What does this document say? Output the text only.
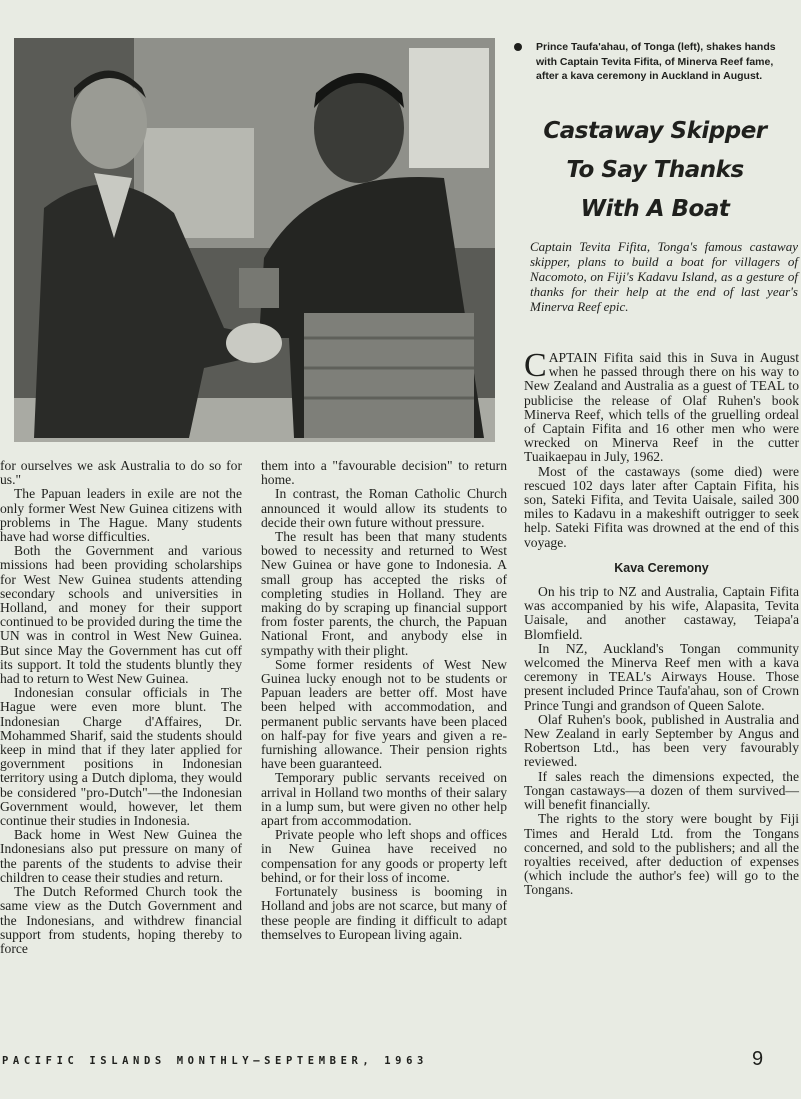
Prince Taufa'ahau, of Tonga (left), shakes hands with Captain Tevita Fifita, of Minerva Reef fame, after a kava ceremony in Auckland in August.
Castaway Skipper
To Say Thanks
With A Boat
Captain Tevita Fifita, Tonga's famous castaway skipper, plans to build a boat for villagers of Nacomoto, on Fiji's Kadavu Island, as a gesture of thanks for their help at the end of last year's Minerva Reef epic.

for ourselves we ask Australia to do so for us."

The Papuan leaders in exile are not the only former West New Guinea citizens with problems in The Hague. Many students have had worse difficulties.

Both the Government and various missions had been providing scholarships for West New Guinea students attending secondary schools and universities in Holland, and money for their support continued to be provided during the time the UN was in control in West New Guinea. But since May the Government has cut off its support. It told the students bluntly they had to return to West New Guinea.

Indonesian consular officials in The Hague were even more blunt. The Indonesian Charge d'Affaires, Dr. Mohammed Sharif, said the students should keep in mind that if they later applied for government positions in Indonesian territory using a Dutch diploma, they would be considered "pro-Dutch"—the Indonesian Government would, however, let them continue their studies in Indonesia.

Back home in West New Guinea the Indonesians also put pressure on many of the parents of the students to advise their children to cease their studies and return.

The Dutch Reformed Church took the same view as the Dutch Government and the Indonesians, and withdrew financial support from students, hoping thereby to force

them into a "favourable decision" to return home.

In contrast, the Roman Catholic Church announced it would allow its students to decide their own future without pressure.

The result has been that many students bowed to necessity and returned to West New Guinea or have gone to Indonesia. A small group has accepted the risks of completing studies in Holland. They are making do by scraping up financial support from foster parents, the church, the Papuan National Front, and anybody else in sympathy with their plight.

Some former residents of West New Guinea lucky enough not to be students or Papuan leaders are better off. Most have been helped with accommodation, and permanent public servants have been placed on half-pay for five years and given a re-furnishing allowance. Their pension rights have been guaranteed.

Temporary public servants received on arrival in Holland two months of their salary in a lump sum, but were given no other help apart from accommodation.

Private people who left shops and offices in New Guinea have received no compensation for any goods or property left behind, or for their loss of income.

Fortunately business is booming in Holland and jobs are not scarce, but many of these people are finding it difficult to adapt themselves to European living again.

CAPTAIN Fifita said this in Suva in August when he passed through there on his way to New Zealand and Australia as a guest of TEAL to publicise the release of Olaf Ruhen's book Minerva Reef, which tells of the gruelling ordeal of Captain Fifita and 16 other men who were wrecked on Minerva Reef in the cutter Tuaikaepau in July, 1962.

Most of the castaways (some died) were rescued 102 days later after Captain Fifita, his son, Sateki Fifita, and Tevita Uaisale, sailed 300 miles to Kadavu in a makeshift outrigger to seek help. Sateki Fifita was drowned at the end of this voyage.

Kava Ceremony

On his trip to NZ and Australia, Captain Fifita was accompanied by his wife, Alapasita, Tevita Uaisale, and another castaway, Teiapa'a Blomfield.

In NZ, Auckland's Tongan community welcomed the Minerva Reef men with a kava ceremony in TEAL's Airways House. Those present included Prince Taufa'ahau, son of Crown Prince Tungi and grandson of Queen Salote.

Olaf Ruhen's book, published in Australia and New Zealand in early September by Angus and Robertson Ltd., has been very favourably reviewed.

If sales reach the dimensions expected, the Tongan castaways—a dozen of them survived—will benefit financially.

The rights to the story were bought by Fiji Times and Herald Ltd. from the Tongans concerned, and sold to the publishers; and all the royalties received, after deduction of expenses (which include the author's fee) will go to the Tongans.

PACIFIC ISLANDS MONTHLY—SEPTEMBER, 1963	9
